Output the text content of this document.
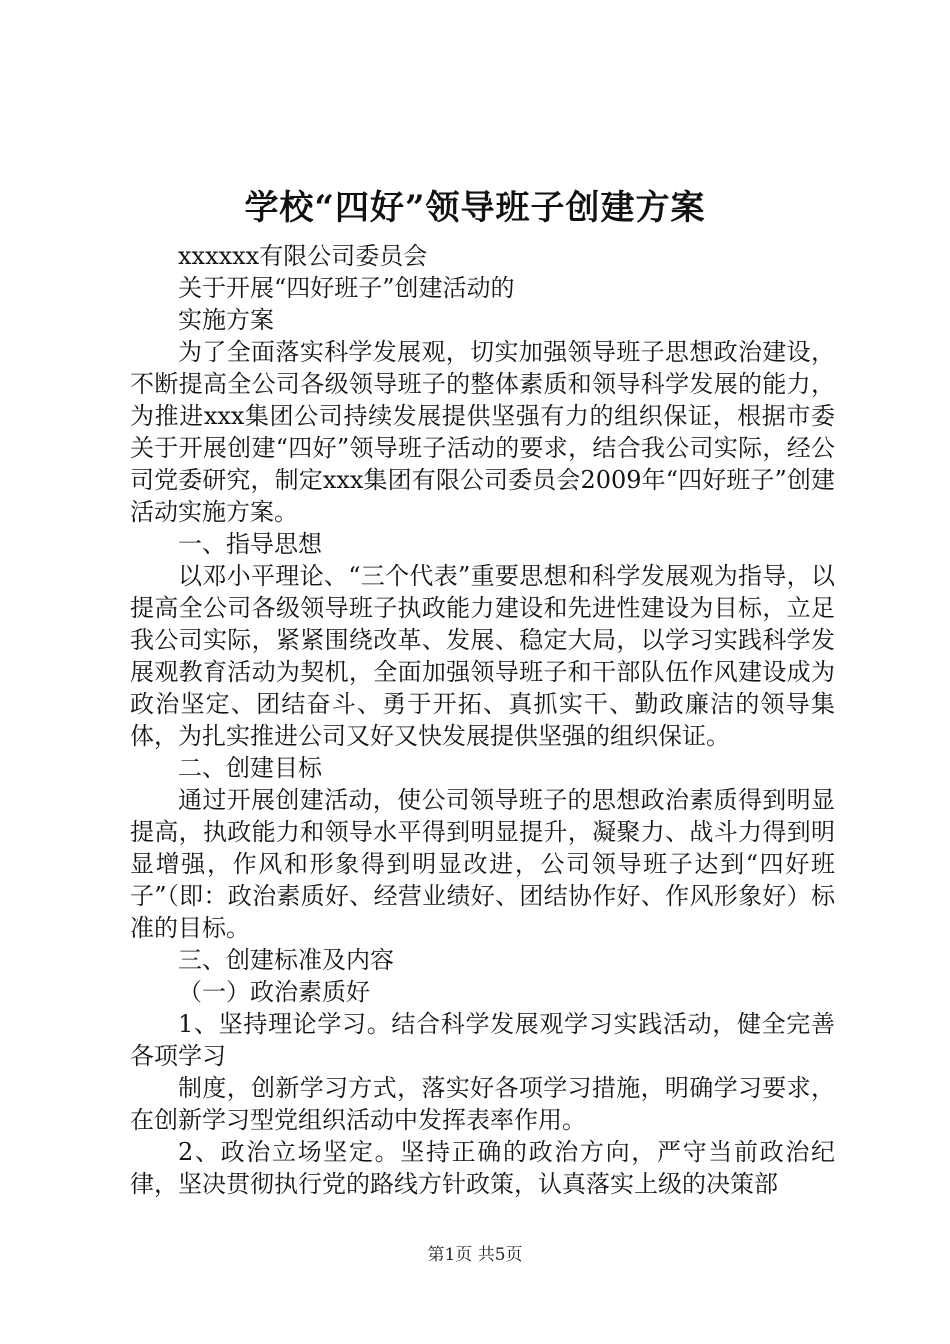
学校“四好”领导班子创建方案

xxxxxx有限公司委员会

关于开展“四好班子”创建活动的

实施方案

为了全面落实科学发展观，切实加强领导班子思想政治建设，不断提高全公司各级领导班子的整体素质和领导科学发展的能力，为推进xxx集团公司持续发展提供坚强有力的组织保证，根据市委关于开展创建“四好”领导班子活动的要求，结合我公司实际，经公司党委研究，制定xxx集团有限公司委员会2009年“四好班子”创建活动实施方案。

一、指导思想

以邓小平理论、“三个代表”重要思想和科学发展观为指导，以提高全公司各级领导班子执政能力建设和先进性建设为目标，立足我公司实际，紧紧围绕改革、发展、稳定大局，以学习实践科学发展观教育活动为契机，全面加强领导班子和干部队伍作风建设成为政治坚定、团结奋斗、勇于开拓、真抓实干、勤政廉洁的领导集体，为扎实推进公司又好又快发展提供坚强的组织保证。

二、创建目标

通过开展创建活动，使公司领导班子的思想政治素质得到明显提高，执政能力和领导水平得到明显提升，凝聚力、战斗力得到明显增强，作风和形象得到明显改进，公司领导班子达到“四好班子”（即：政治素质好、经营业绩好、团结协作好、作风形象好）标准的目标。

三、创建标准及内容

（一）政治素质好

1、坚持理论学习。结合科学发展观学习实践活动，健全完善各项学习

制度，创新学习方式，落实好各项学习措施，明确学习要求，在创新学习型党组织活动中发挥表率作用。

2、政治立场坚定。坚持正确的政治方向，严守当前政治纪律，坚决贯彻执行党的路线方针政策，认真落实上级的决策部

第1页 共5页
